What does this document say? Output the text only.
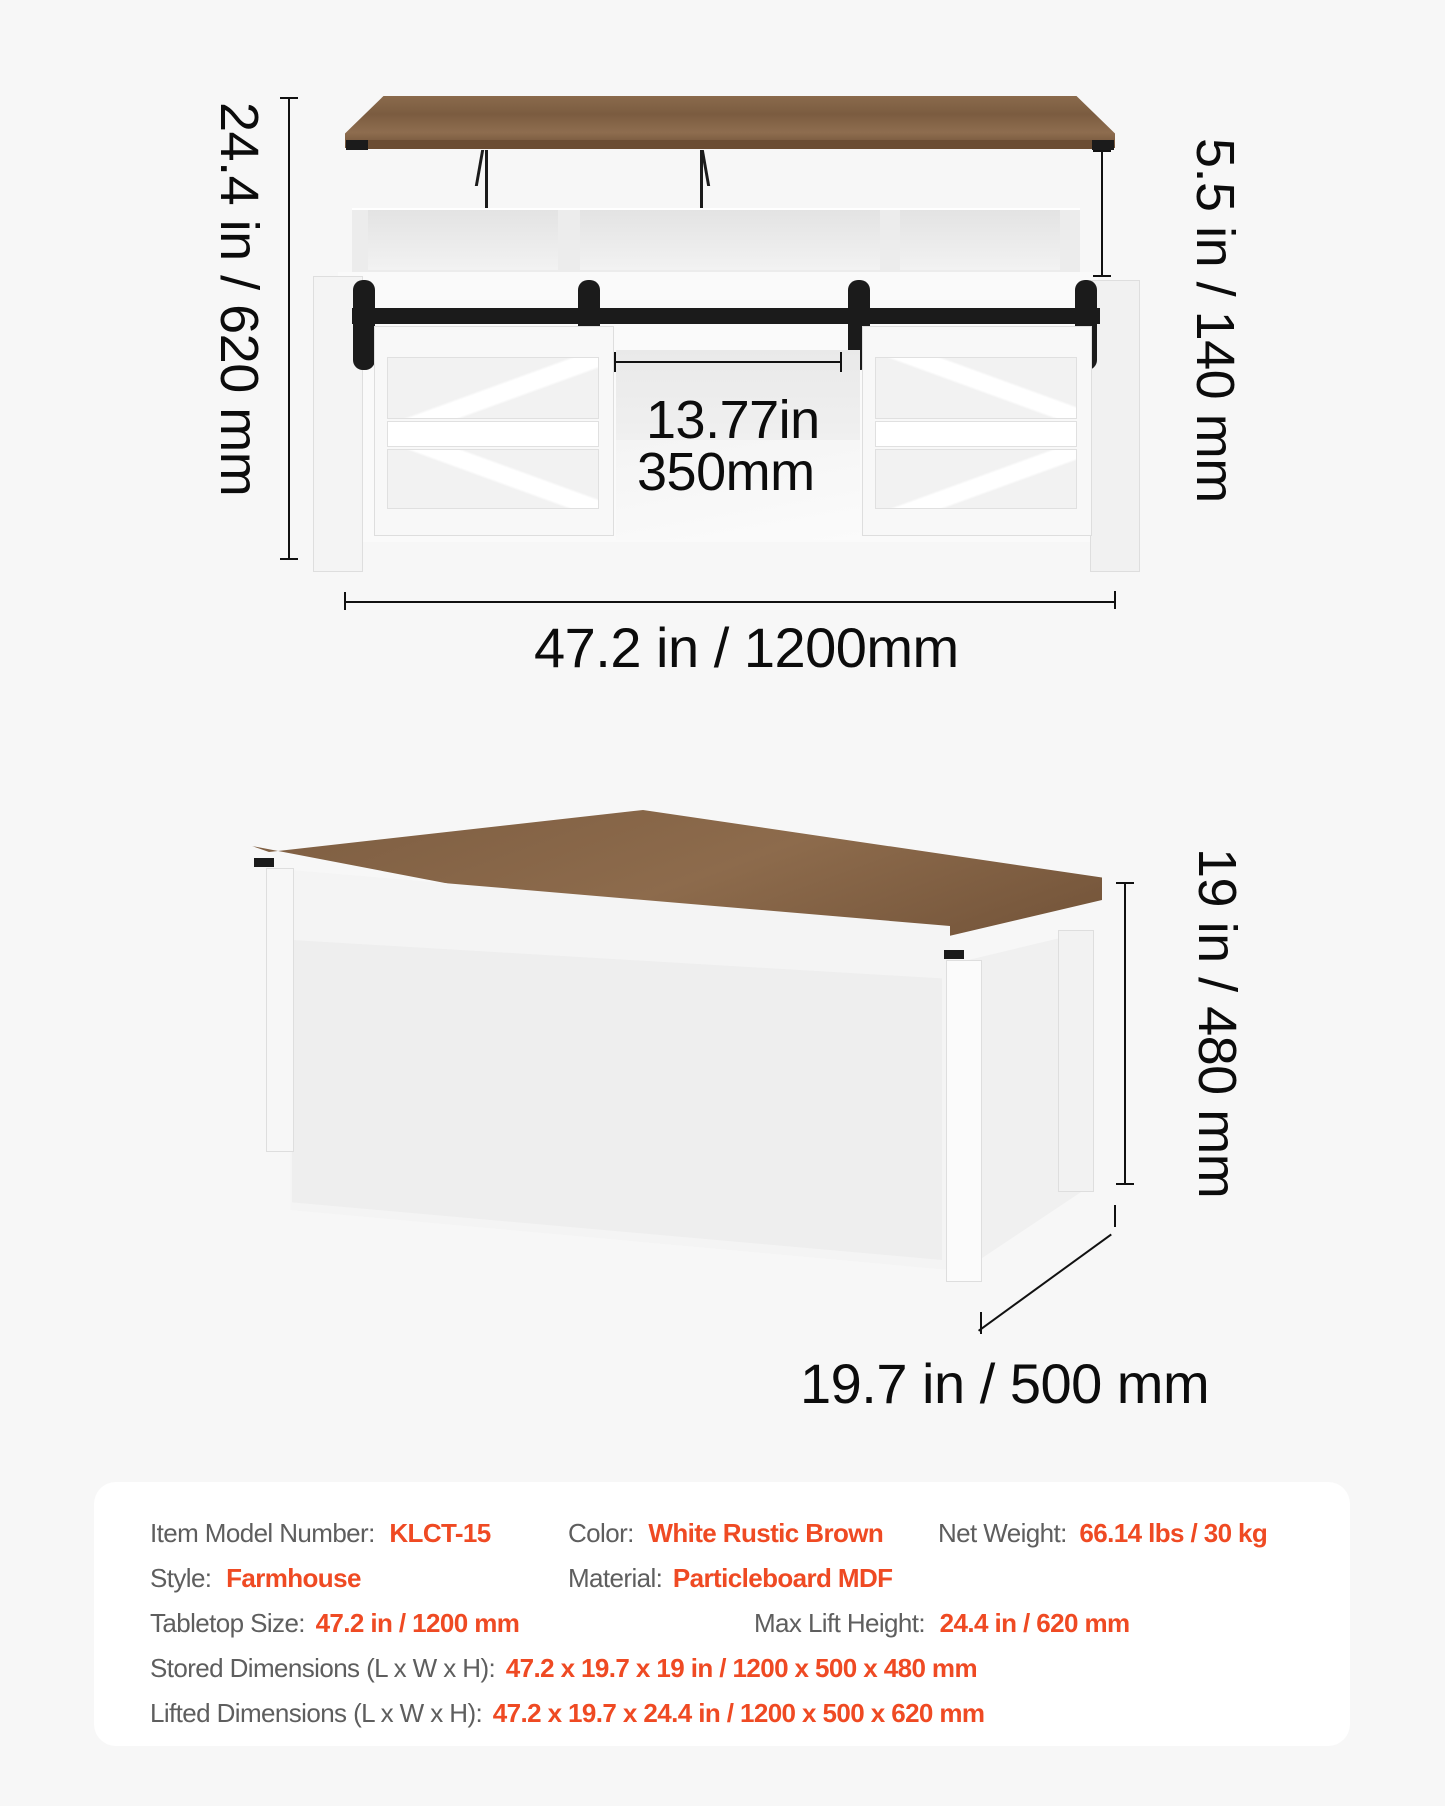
24.4 in / 620 mm	5.5 in / 140 mm
13.77in
350mm
47.2 in / 1200mm
19 in / 480 mm
19.7 in / 500 mm
Item Model Number: KLCT-15	Color: White Rustic Brown Net Weight: 66.14 lbs / 30 kg
Style: Farmhouse	Material: Particleboard MDF
Tabletop Size: 47.2 in / 1200 mm	Max Lift Height: 24.4 in / 620 mm
Stored Dimensions (L x W x H): 47.2 x 19.7 x 19 in / 1200 x 500 x 480 mm
Lifted Dimensions (L x W x H): 47.2 x 19.7 x 24.4 in / 1200 x 500 x 620 mm
